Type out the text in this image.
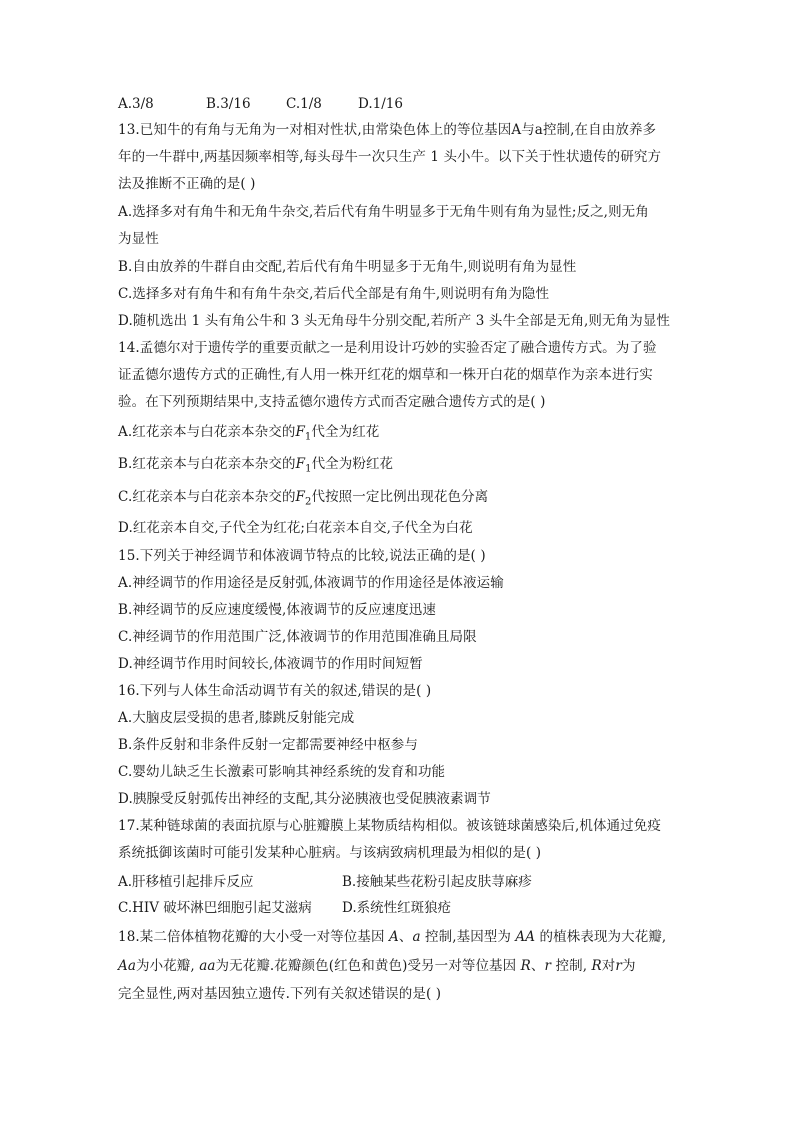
A.3/8	B.3/16	C.1/8	D.1/16
13.已知牛的有角与无角为一对相对性状,由常染色体上的等位基因A与a控制,在自由放养多
年的一牛群中,两基因频率相等,每头母牛一次只生产 1 头小牛。以下关于性状遗传的研究方
法及推断不正确的是( )
A.选择多对有角牛和无角牛杂交,若后代有角牛明显多于无角牛则有角为显性;反之,则无角
为显性
B.自由放养的牛群自由交配,若后代有角牛明显多于无角牛,则说明有角为显性
C.选择多对有角牛和有角牛杂交,若后代全部是有角牛,则说明有角为隐性
D.随机选出 1 头有角公牛和 3 头无角母牛分别交配,若所产 3 头牛全部是无角,则无角为显性
14.孟德尔对于遗传学的重要贡献之一是利用设计巧妙的实验否定了融合遗传方式。为了验
证孟德尔遗传方式的正确性,有人用一株开红花的烟草和一株开白花的烟草作为亲本进行实
验。在下列预期结果中,支持孟德尔遗传方式而否定融合遗传方式的是( )
A.红花亲本与白花亲本杂交的$F_1$代全为红花
B.红花亲本与白花亲本杂交的$F_1$代全为粉红花
C.红花亲本与白花亲本杂交的$F_2$代按照一定比例出现花色分离
D.红花亲本自交,子代全为红花;白花亲本自交,子代全为白花
15.下列关于神经调节和体液调节特点的比较,说法正确的是( )
A.神经调节的作用途径是反射弧,体液调节的作用途径是体液运输
B.神经调节的反应速度缓慢,体液调节的反应速度迅速
C.神经调节的作用范围广泛,体液调节的作用范围准确且局限
D.神经调节作用时间较长,体液调节的作用时间短暂
16.下列与人体生命活动调节有关的叙述,错误的是( )
A.大脑皮层受损的患者,膝跳反射能完成
B.条件反射和非条件反射一定都需要神经中枢参与
C.婴幼儿缺乏生长激素可影响其神经系统的发育和功能
D.胰腺受反射弧传出神经的支配,其分泌胰液也受促胰液素调节
17.某种链球菌的表面抗原与心脏瓣膜上某物质结构相似。被该链球菌感染后,机体通过免疫
系统抵御该菌时可能引发某种心脏病。与该病致病机理最为相似的是( )
A.肝移植引起排斥反应	B.接触某些花粉引起皮肤荨麻疹
C.HIV 破坏淋巴细胞引起艾滋病 D.系统性红斑狼疮
18.某二倍体植物花瓣的大小受一对等位基因 A、a 控制,基因型为 AA 的植株表现为大花瓣,
Aa为小花瓣, aa为无花瓣.花瓣颜色(红色和黄色)受另一对等位基因 R、r 控制, R对r为
完全显性,两对基因独立遗传.下列有关叙述错误的是( )
